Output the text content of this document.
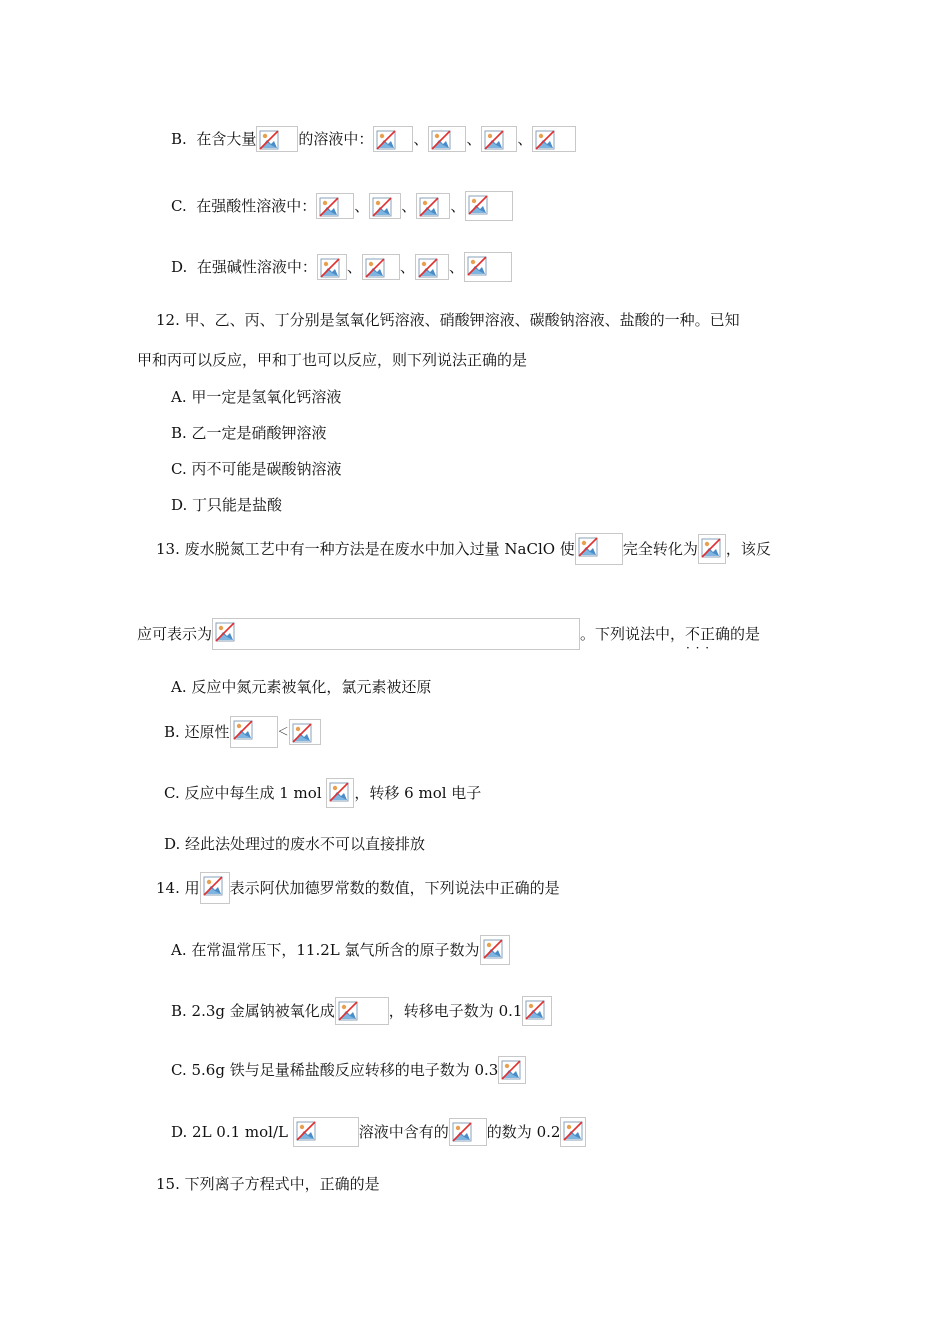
B.
在含大量	的溶液中：	、	、 、
C.
在强酸性溶液中：	、 、 、
D.
在强碱性溶液中： 、	、 、
12. 甲、乙、丙、丁分别是氢氧化钙溶液、硝酸钾溶液、碳酸钠溶液、盐酸的一种。已知
甲和丙可以反应，甲和丁也可以反应，则下列说法正确的是
A. 甲一定是氢氧化钙溶液
B. 乙一定是硝酸钾溶液
C. 丙不可能是碳酸钠溶液
D. 丁只能是盐酸
13. 废水脱氮工艺中有一种方法是在废水中加入过量 NaClO 使	完全转化为 ，该反
应可表示为	。下列说法中， 不正确 · · · 的是
A. 反应中氮元素被氧化，氯元素被还原
B. 还原性	＜
C. 反应中每生成 1 mol
，转移 6 mol 电子
D. 经此法处理过的废水不可以直接排放
14. 用 表示阿伏加德罗常数的数值，下列说法中正确的是
A. 在常温常压下，11.2L 氯气所含的原子数为
B. 2.3g 金属钠被氧化成	，转移电子数为 0.1
C. 5.6g 铁与足量稀盐酸反应转移的电子数为 0.3
D. 2L 0.1 mol/L
	溶液中含有的	的数为 0.2
15. 下列离子方程式中，正确的是
